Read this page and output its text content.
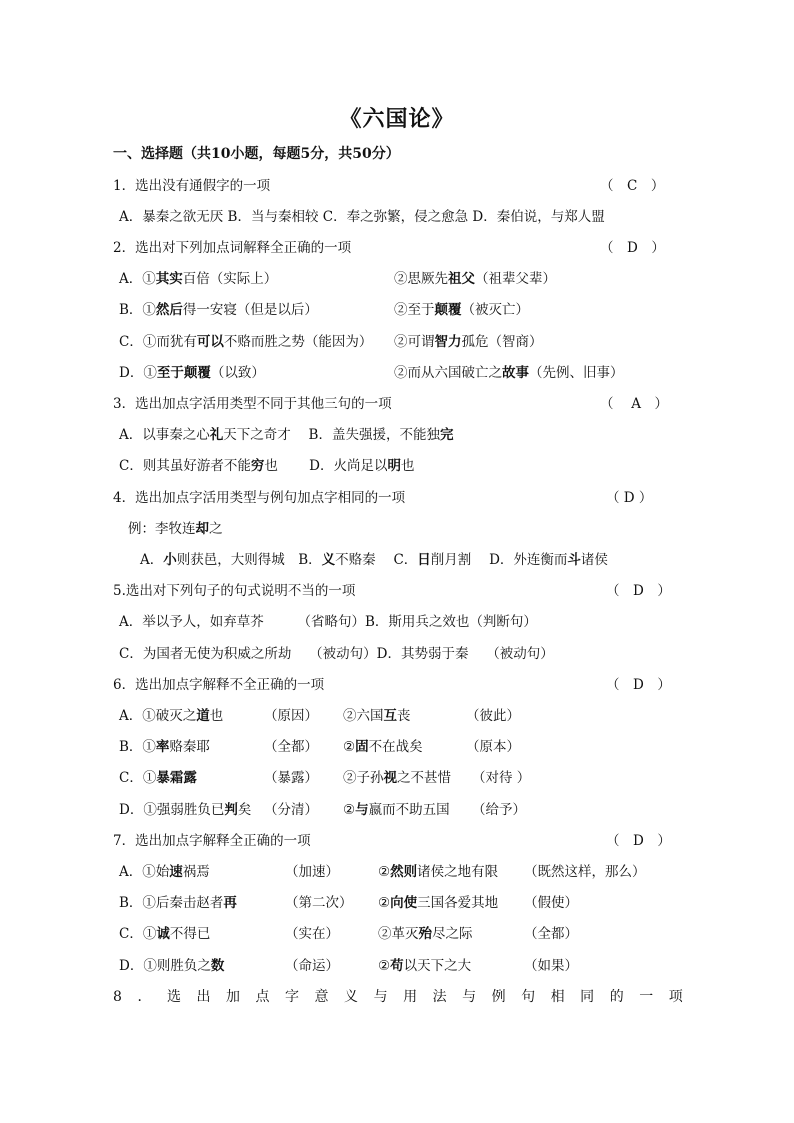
《六国论》
一、选择题（共10小题，每题5分，共50分）
1．选出没有通假字的一项	（　C　）
A．暴秦之欲无厌 B．当与秦相较 C．奉之弥繁，侵之愈急 D．秦伯说，与郑人盟
2．选出对下列加点词解释全正确的一项	（　D　）
A．①其实百倍（实际上）	②思厥先祖父（祖辈父辈）
B．①然后得一安寝（但是以后）	②至于颠覆（被灭亡）
C．①而犹有可以不赂而胜之势（能因为） ②可谓智力孤危（智商）
D．①至于颠覆（以致）	②而从六国破亡之故事（先例、旧事）
3．选出加点字活用类型不同于其他三句的一项	（　 A　）
A．以事秦之心礼天下之奇才　 B．盖失强援，不能独完
C．则其虽好游者不能穷也　　 D．火尚足以明也
4．选出加点字活用类型与例句加点字相同的一项	（ D ）
例：李牧连却之
A．小则获邑，大则得城　B．义不赂秦　 C．日削月割　 D．外连衡而斗诸侯
5.选出对下列句子的句式说明不当的一项	（　D　）
A．举以予人，如弃草芥　　　（省略句）B．斯用兵之效也（判断句）
C．为国者无使为积威之所劫　 （被动句）D．其势弱于秦　 （被动句）
6．选出加点字解释不全正确的一项	（　D　）
A．①破灭之道也	（原因） ②六国互丧	（彼此）
B．①率赂秦耶	（全都） ②固不在战矣	（原本）
C．①暴霜露	（暴露） ②子孙视之不甚惜 （对待 ）
D．①强弱胜负已判矣 （分清） ②与嬴而不助五国 （给予）
7．选出加点字解释全正确的一项	（　D　）
A．①始速祸焉	（加速）	②然则诸侯之地有限 （既然这样，那么）
B．①后秦击赵者再	（第二次） ②向使三国各爱其地 （假使）
C．①诚不得已	（实在）	②革灭殆尽之际	（全都）
D．①则胜负之数	（命运）	②苟以天下之大	（如果）
8 ． 选 出 加 点 字 意 义 与 用 法 与 例 句 相 同 的 一 项
